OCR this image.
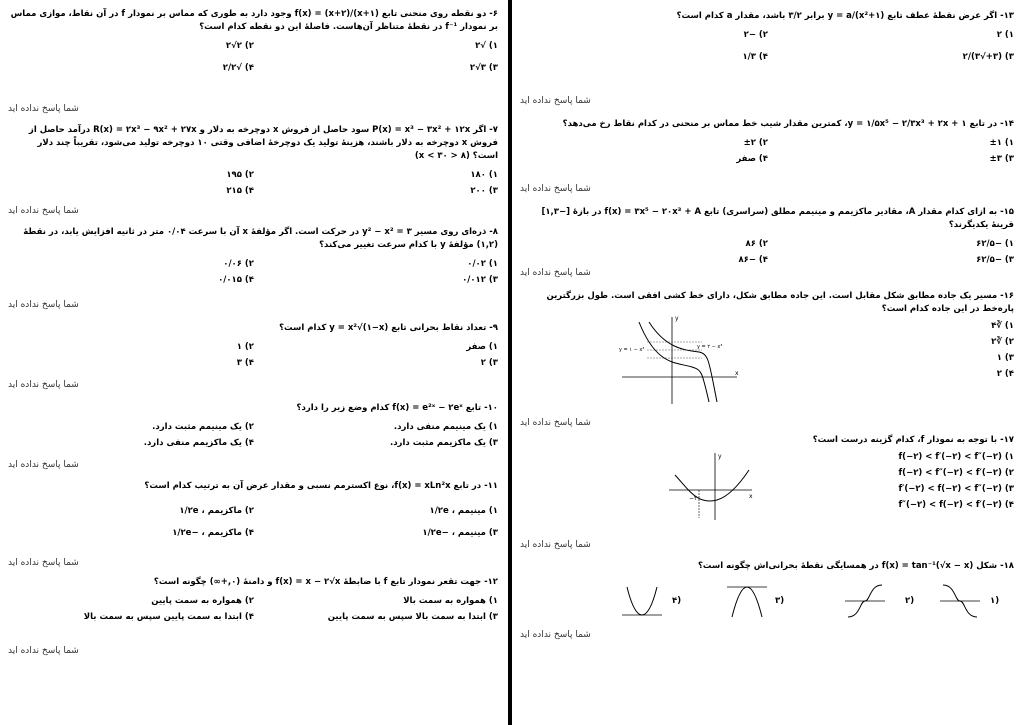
۱۳- اگر عرض نقطهٔ عطف تابع y = a/(x²+۱) برابر ۳/۲ باشد، مقدار a کدام است؟
۱) ۲
۲) −۲
۳) (۳+√۳)/۲
۴) ۱/۳
شما پاسخ نداده اید
۱۴- در تابع y = ۱/۵x⁵ − ۲/۳x³ + ۲x + ۱، کمترین مقدار شیب خط مماس بر منحنی در کدام نقاط رخ می‌دهد؟
۱) ±۱
۲) ±۲
۳) ±۳
۴) صفر
شما پاسخ نداده اید
۱۵- به ازای کدام مقدار A، مقادیر ماکزیمم و مینیمم مطلق (سراسری) تابع f(x) = ۳x⁵ − ۲۰x³ + A در بازهٔ [−۱,۳] قرینهٔ یکدیگرند؟
۱) −۶۲/۵
۲) ۸۶
۳) −۶۲/۵
۴) −۸۶
شما پاسخ نداده اید
۱۶- مسیر یک جاده مطابق شکل مقابل است. این جاده مطابق شکل، دارای خط کشی افقی است. طول بزرگترین پاره‌خط در این جاده کدام است؟
۱) ∛۴
۲) ∛۲
۳) ۱
۴) ۲
y = ۱ − x³	y = ۲ − x³
x
y
شما پاسخ نداده اید
۱۷- با توجه به نمودار f، کدام گزینه درست است؟
۱) f(−۲) < f′(−۲) < f″(−۲)
۲) f(−۲) < f″(−۲) < f′(−۲)
۳) f′(−۲) < f(−۲) < f″(−۲)
۴) f″(−۲) < f(−۲) < f′(−۲)
−۲	x
y
شما پاسخ نداده اید
۱۸- شکل f(x) = tan⁻¹(√x − x) در همسایگی نقطهٔ بحرانی‌اش چگونه است؟
۱)
۲)
۳)
۴)
شما پاسخ نداده اید
۶- دو نقطه روی منحنی تابع f(x) = (x+۲)/(x+۱) وجود دارد به طوری که مماس بر نمودار f در آن نقاط، موازی مماس بر نمودار f⁻¹ در نقطهٔ متناظر آن‌هاست. فاصلهٔ این دو نقطه کدام است؟
۱) √۲
۲) ۲√۲
۳) ۳√۲
۴) √۲/۲
شما پاسخ نداده اید
۷- اگر P(x) = x³ − ۳x² + ۱۲x سود حاصل از فروش x دوچرخه به دلار و R(x) = ۲x³ − ۹x² + ۲۷x درآمد حاصل از فروش x دوچرخه به دلار باشند، هزینهٔ تولید یک دوچرخهٔ اضافی وقتی ۱۰ دوچرخه تولید می‌شود، تقریباً چند دلار است؟ (۸ < x < ۳۰)
۱) ۱۸۰
۲) ۱۹۵
۳) ۲۰۰
۴) ۲۱۵
شما پاسخ نداده اید
۸- ذره‌ای روی مسیر y² − x² = ۳ در حرکت است. اگر مؤلفهٔ x آن با سرعت ۰/۰۴ متر در ثانیه افزایش یابد، در نقطهٔ (۱,۲) مؤلفهٔ y با کدام سرعت تغییر می‌کند؟
۱) ۰/۰۲
۲) ۰/۰۶
۳) ۰/۰۱۲
۴) ۰/۰۱۵
شما پاسخ نداده اید
۹- تعداد نقاط بحرانی تابع y = x²√(۱−x) کدام است؟
۱) صفر
۲) ۱
۳) ۲
۴) ۳
شما پاسخ نداده اید
۱۰- تابع f(x) = e²ˣ − ۲eˣ کدام وضع زیر را دارد؟
۱) یک مینیمم منفی دارد.
۲) یک مینیمم مثبت دارد.
۳) یک ماکزیمم مثبت دارد.
۴) یک ماکزیمم منفی دارد.
شما پاسخ نداده اید
۱۱- در تابع f(x) = xLn²x، نوع اکسترمم نسبی و مقدار عرض آن به ترتیب کدام است؟
۱) مینیمم ، ۱/۲e
۲) ماکزیمم ، ۱/۲e
۳) مینیمم ، −۱/۲e
۴) ماکزیمم ، −۱/۲e
شما پاسخ نداده اید
۱۲- جهت تقعر نمودار تابع f با ضابطهٔ f(x) = x − ۲√x و دامنهٔ (۰,+∞) چگونه است؟
۱) همواره به سمت بالا
۲) همواره به سمت پایین
۳) ابتدا به سمت بالا سپس به سمت پایین
۴) ابتدا به سمت پایین سپس به سمت بالا
شما پاسخ نداده اید
